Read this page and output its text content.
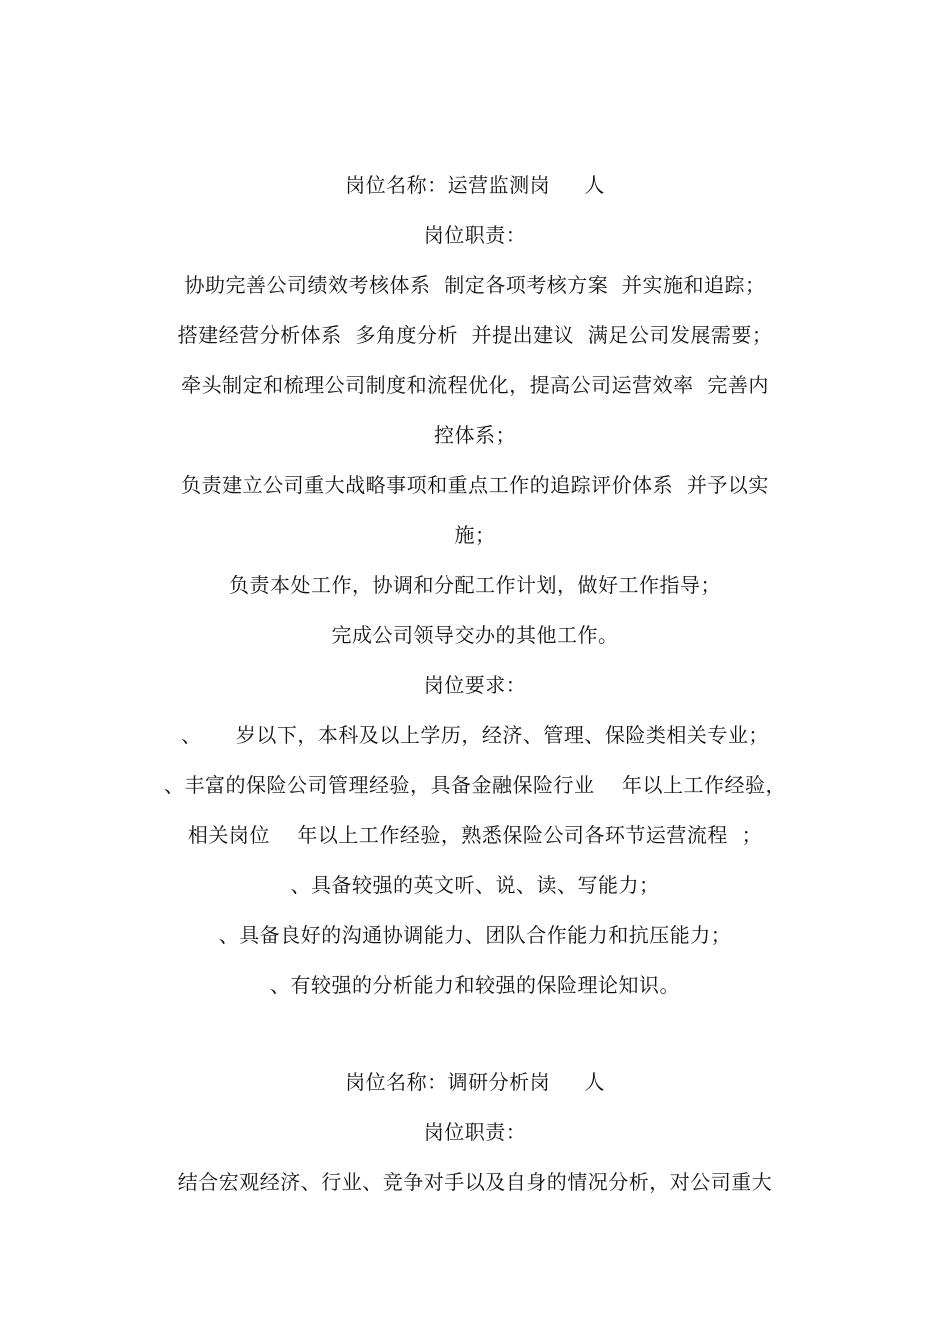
岗位名称：运营监测岗     人
岗位职责：
协助完善公司绩效考核体系  制定各项考核方案  并实施和追踪；
搭建经营分析体系  多角度分析  并提出建议  满足公司发展需要；
牵头制定和梳理公司制度和流程优化，提高公司运营效率  完善内
控体系；
负责建立公司重大战略事项和重点工作的追踪评价体系  并予以实
施；
负责本处工作，协调和分配工作计划，做好工作指导；
完成公司领导交办的其他工作。
岗位要求：
、     岁以下，本科及以上学历，经济、管理、保险类相关专业；
、丰富的保险公司管理经验，具备金融保险行业    年以上工作经验，
相关岗位    年以上工作经验，熟悉保险公司各环节运营流程  ；
、具备较强的英文听、说、读、写能力；
、具备良好的沟通协调能力、团队合作能力和抗压能力；
、有较强的分析能力和较强的保险理论知识。
岗位名称：调研分析岗     人
岗位职责：
结合宏观经济、行业、竞争对手以及自身的情况分析，对公司重大
